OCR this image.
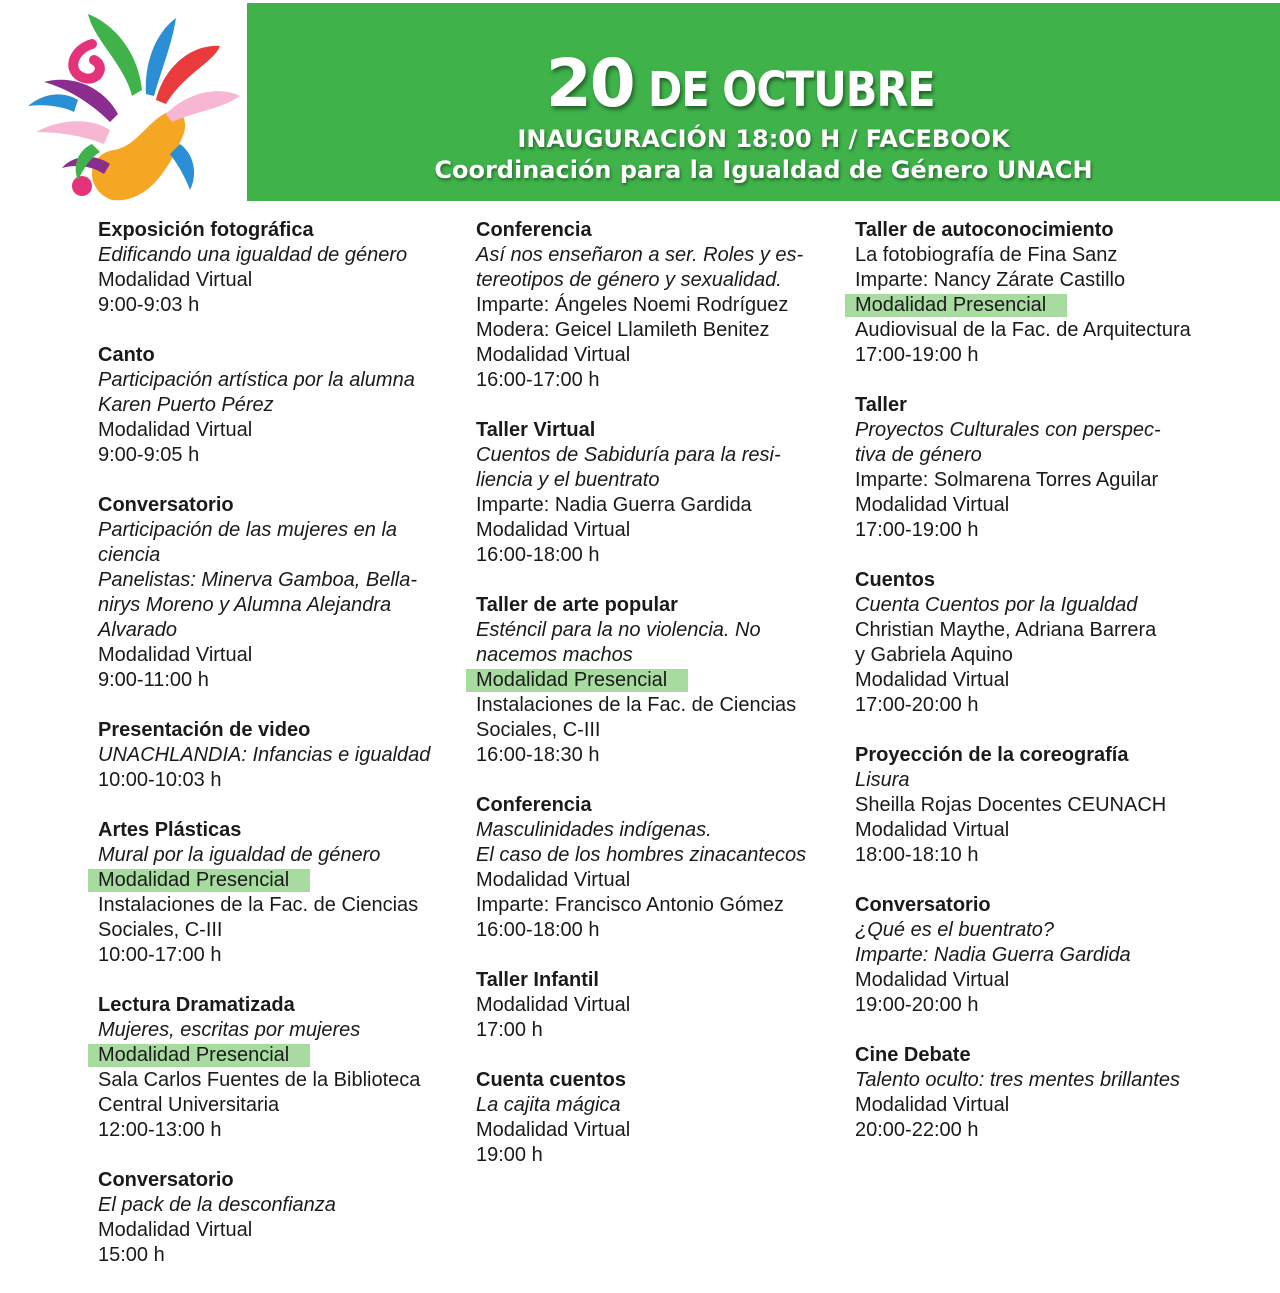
20 DE OCTUBRE
INAUGURACIÓN 18:00 H / FACEBOOK
Coordinación para la Igualdad de Género UNACH
Exposición fotográfica
Edificando una igualdad de género
Modalidad Virtual
9:00-9:03 h
Canto
Participación artística por la alumna
Karen Puerto Pérez
Modalidad Virtual
9:00-9:05 h
Conversatorio
Participación de las mujeres en la
ciencia
Panelistas: Minerva Gamboa, Bella-
nirys Moreno y Alumna Alejandra
Alvarado
Modalidad Virtual
9:00-11:00 h
Presentación de video
UNACHLANDIA: Infancias e igualdad
10:00-10:03 h
Artes Plásticas
Mural por la igualdad de género
Modalidad Presencial
Instalaciones de la Fac. de Ciencias
Sociales, C-III
10:00-17:00 h
Lectura Dramatizada
Mujeres, escritas por mujeres
Modalidad Presencial
Sala Carlos Fuentes de la Biblioteca
Central Universitaria
12:00-13:00 h
Conversatorio
El pack de la desconfianza
Modalidad Virtual
15:00 h
Conferencia
Así nos enseñaron a ser. Roles y es-
tereotipos de género y sexualidad.
Imparte: Ángeles Noemi Rodríguez
Modera: Geicel Llamileth Benitez
Modalidad Virtual
16:00-17:00 h
Taller Virtual
Cuentos de Sabiduría para la resi-
liencia y el buentrato
Imparte: Nadia Guerra Gardida
Modalidad Virtual
16:00-18:00 h
Taller de arte popular
Esténcil para la no violencia. No
nacemos machos
Modalidad Presencial
Instalaciones de la Fac. de Ciencias
Sociales, C-III
16:00-18:30 h
Conferencia
Masculinidades indígenas.
El caso de los hombres zinacantecos
Modalidad Virtual
Imparte: Francisco Antonio Gómez
16:00-18:00 h
Taller Infantil
Modalidad Virtual
17:00 h
Cuenta cuentos
La cajita mágica
Modalidad Virtual
19:00 h
Taller de autoconocimiento
La fotobiografía de Fina Sanz
Imparte: Nancy Zárate Castillo
Modalidad Presencial
Audiovisual de la Fac. de Arquitectura
17:00-19:00 h
Taller
Proyectos Culturales con perspec-
tiva de género
Imparte: Solmarena Torres Aguilar
Modalidad Virtual
17:00-19:00 h
Cuentos
Cuenta Cuentos por la Igualdad
Christian Maythe, Adriana Barrera
y Gabriela Aquino
Modalidad Virtual
17:00-20:00 h
Proyección de la coreografía
Lisura
Sheilla Rojas Docentes CEUNACH
Modalidad Virtual
18:00-18:10 h
Conversatorio
¿Qué es el buentrato?
Imparte: Nadia Guerra Gardida
Modalidad Virtual
19:00-20:00 h
Cine Debate
Talento oculto: tres mentes brillantes
Modalidad Virtual
20:00-22:00 h
